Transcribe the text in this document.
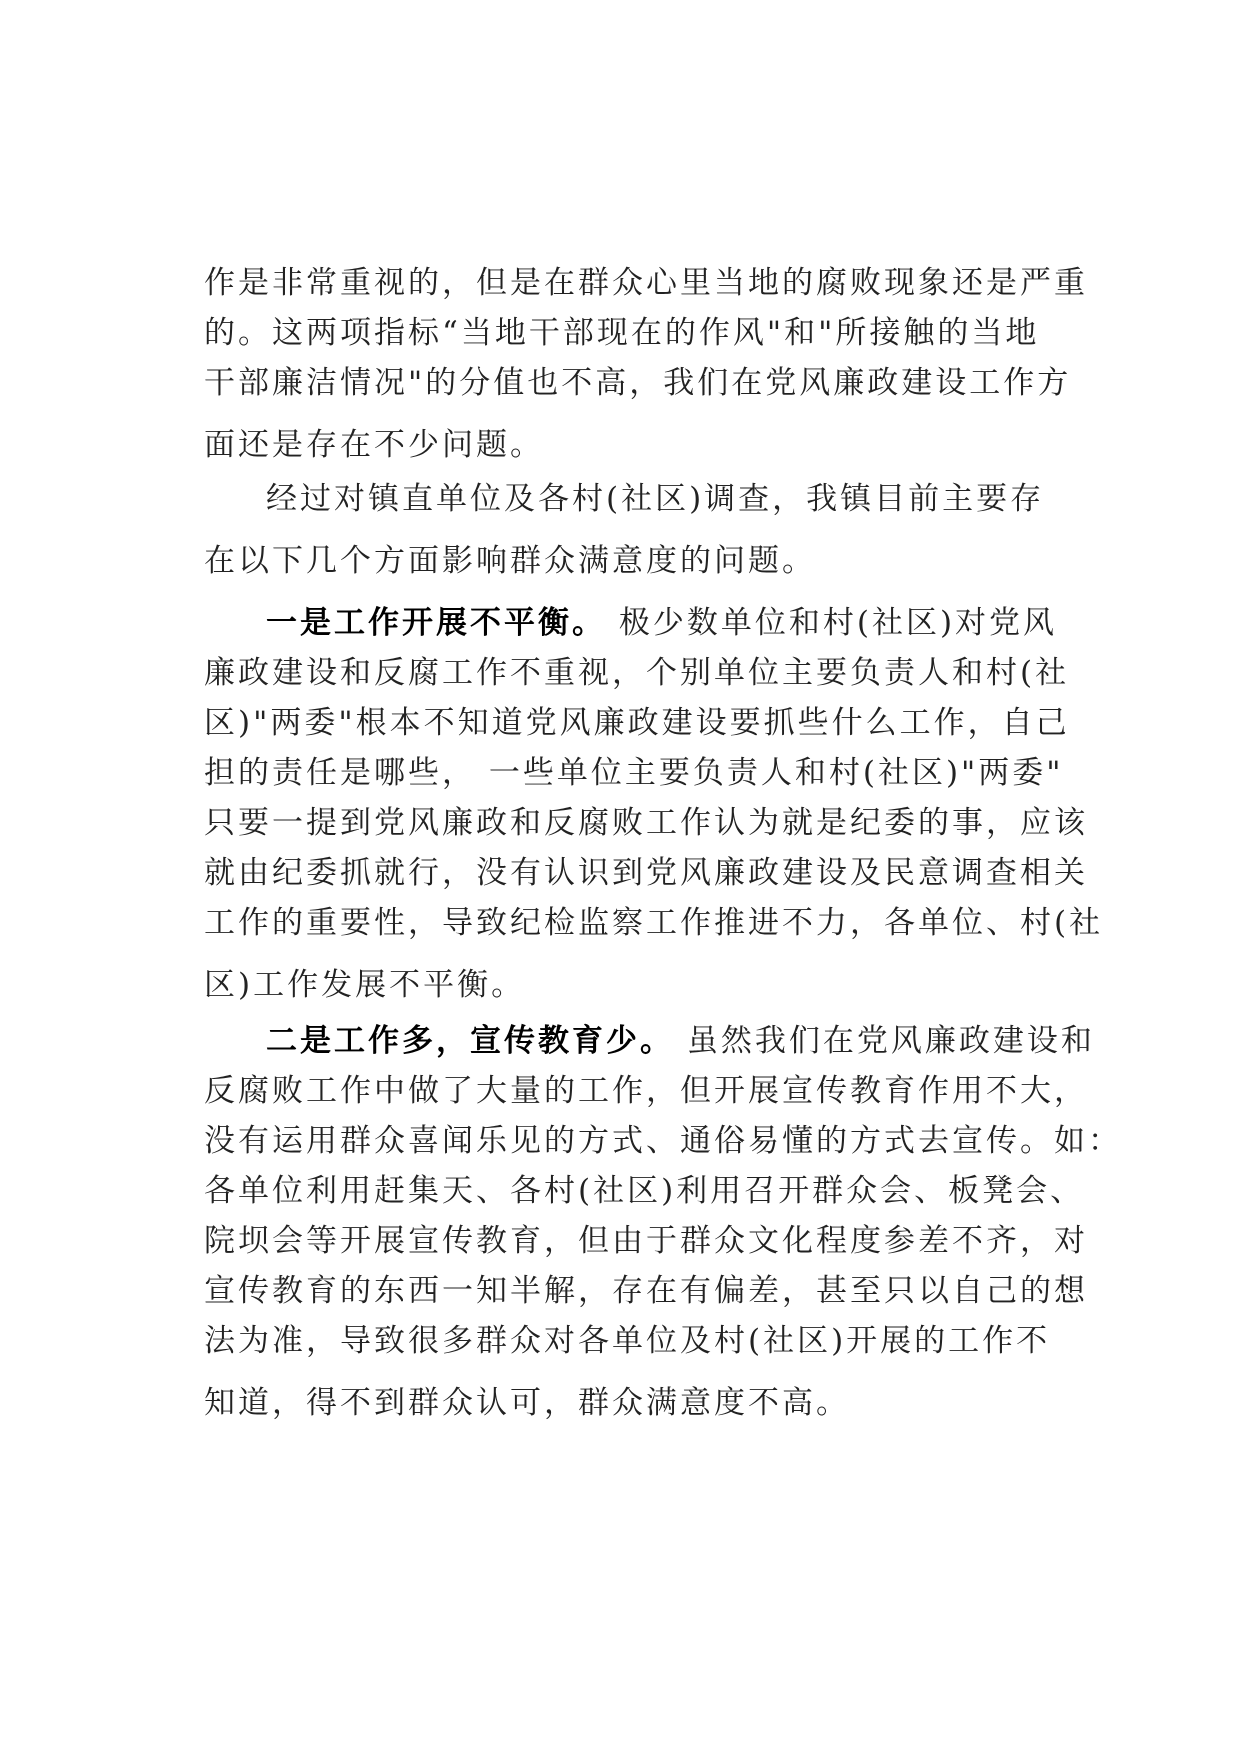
作是非常重视的，但是在群众心里当地的腐败现象还是严重
的。这两项指标“当地干部现在的作风"和"所接触的当地
干部廉洁情况"的分值也不高，我们在党风廉政建设工作方
面还是存在不少问题。
经过对镇直单位及各村(社区)调查，我镇目前主要存
在以下几个方面影响群众满意度的问题。
一是工作开展不平衡。 极少数单位和村(社区)对党风
廉政建设和反腐工作不重视，个别单位主要负责人和村(社
区)"两委"根本不知道党风廉政建设要抓些什么工作，自己
担的责任是哪些， 一些单位主要负责人和村(社区)"两委"
只要一提到党风廉政和反腐败工作认为就是纪委的事，应该
就由纪委抓就行，没有认识到党风廉政建设及民意调查相关
工作的重要性，导致纪检监察工作推进不力，各单位、村(社
区)工作发展不平衡。
二是工作多，宣传教育少。 虽然我们在党风廉政建设和
反腐败工作中做了大量的工作，但开展宣传教育作用不大，
没有运用群众喜闻乐见的方式、通俗易懂的方式去宣传。如：
各单位利用赶集天、各村(社区)利用召开群众会、板凳会、
院坝会等开展宣传教育，但由于群众文化程度参差不齐，对
宣传教育的东西一知半解，存在有偏差，甚至只以自己的想
法为准，导致很多群众对各单位及村(社区)开展的工作不
知道，得不到群众认可，群众满意度不高。
